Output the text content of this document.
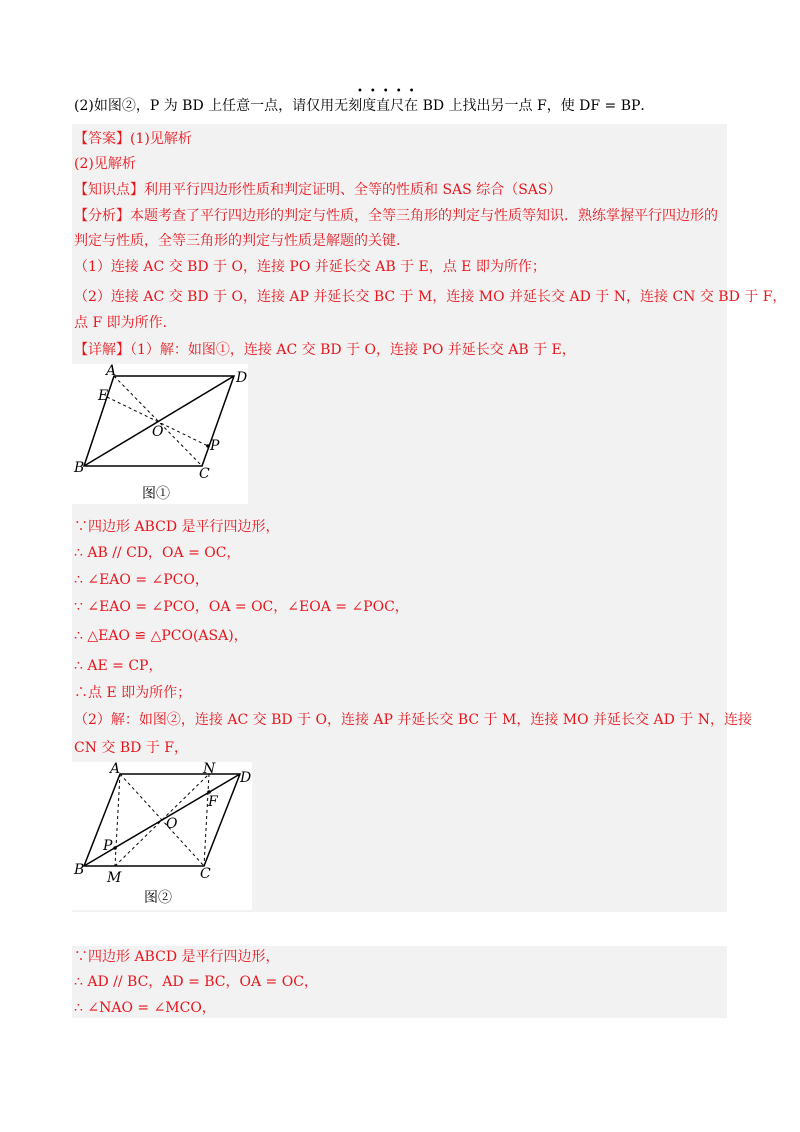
(2)如图②，P 为 BD 上任意一点，请仅用无刻度直尺在 BD 上找出另一点 F，使 DF = BP．
•••••
【答案】(1)见解析
(2)见解析
【知识点】利用平行四边形性质和判定证明、全等的性质和 SAS 综合（SAS）
【分析】本题考查了平行四边形的判定与性质，全等三角形的判定与性质等知识．熟练掌握平行四边形的
判定与性质，全等三角形的判定与性质是解题的关键．
（1）连接 AC 交 BD 于 O，连接 PO 并延长交 AB 于 E，点 E 即为所作；
（2）连接 AC 交 BD 于 O，连接 AP 并延长交 BC 于 M，连接 MO 并延长交 AD 于 N，连接 CN 交 BD 于 F，
点 F 即为所作．
【详解】（1）解：如图①，连接 AC 交 BD 于 O，连接 PO 并延长交 AB 于 E，
A	D
E
O
P
B	C
图①
∵四边形 ABCD 是平行四边形，
∴ AB // CD，OA = OC，
∴ ∠EAO = ∠PCO，
∵ ∠EAO = ∠PCO，OA = OC，∠EOA = ∠POC，
∴ △EAO ≌ △PCO(ASA)，
∴ AE = CP，
∴点 E 即为所作；
（2）解：如图②，连接 AC 交 BD 于 O，连接 AP 并延长交 BC 于 M，连接 MO 并延长交 AD 于 N，连接
CN 交 BD 于 F，
A	N
D
F
O
P
B M	C
图②
∵四边形 ABCD 是平行四边形，
∴ AD // BC，AD = BC，OA = OC，
∴ ∠NAO = ∠MCO，
